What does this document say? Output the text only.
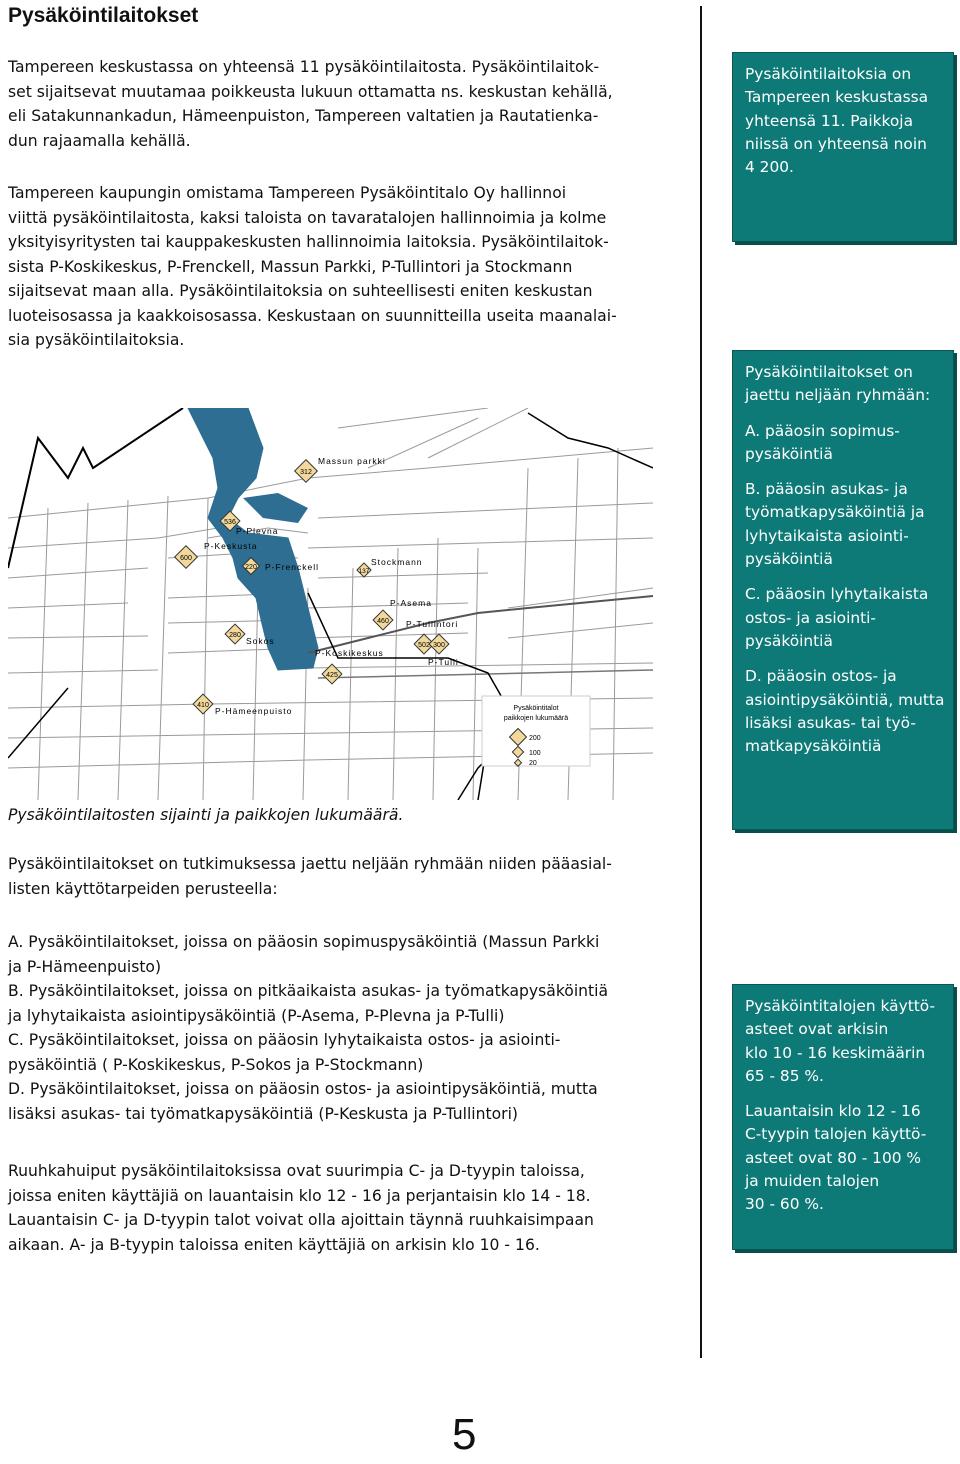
Pysäköintilaitokset
Tampereen keskustassa on yhteensä 11 pysäköintilaitosta. Pysäköintilaitok-
set sijaitsevat muutamaa poikkeusta lukuun ottamatta ns. keskustan kehällä,
eli Satakunnankadun, Hämeenpuiston, Tampereen valtatien ja Rautatienka-
dun rajaamalla kehällä.
Tampereen kaupungin omistama Tampereen Pysäköintitalo Oy hallinnoi
viittä pysäköintilaitosta, kaksi taloista on tavaratalojen hallinnoimia ja kolme
yksityisyritysten tai kauppakeskusten hallinnoimia laitoksia. Pysäköintilaitok-
sista P-Koskikeskus, P-Frenckell, Massun Parkki, P-Tullintori ja Stockmann
sijaitsevat maan alla. Pysäköintilaitoksia on suhteellisesti eniten keskustan
luoteisosassa ja kaakkoisosassa. Keskustaan on suunnitteilla useita maanalai-
sia pysäköintilaitoksia.
312
Massun parkki
536
P-Plevna
600
P-Keskusta
220 P-Frenckell	137
Stockmann
460
P-Asema
502
P-Tullintori
300
P-Tulli
280
Sokos
425
P-Koskikeskus
410
P-Hämeenpuisto	Pysäköintitalot
paikkojen lukumäärä
200
100
20

Pysäköintilaitosten sijainti ja paikkojen lukumäärä.

Pysäköintilaitokset on tutkimuksessa jaettu neljään ryhmään niiden pääasial-
listen käyttötarpeiden perusteella:
A. Pysäköintilaitokset, joissa on pääosin sopimuspysäköintiä (Massun Parkki
ja P-Hämeenpuisto)
B. Pysäköintilaitokset, joissa on pitkäaikaista asukas- ja työmatkapysäköintiä
ja lyhytaikaista asiointipysäköintiä (P-Asema, P-Plevna ja P-Tulli)
C. Pysäköintilaitokset, joissa on pääosin lyhytaikaista ostos- ja asiointi-
pysäköintiä ( P-Koskikeskus, P-Sokos ja P-Stockmann)
D. Pysäköintilaitokset, joissa on pääosin ostos- ja asiointipysäköintiä, mutta
lisäksi asukas- tai työmatkapysäköintiä (P-Keskusta ja P-Tullintori)
Ruuhkahuiput pysäköintilaitoksissa ovat suurimpia C- ja D-tyypin taloissa,
joissa eniten käyttäjiä on lauantaisin klo 12 - 16 ja perjantaisin klo 14 - 18.
Lauantaisin C- ja D-tyypin talot voivat olla ajoittain täynnä ruuhkaisimpaan
aikaan. A- ja B-tyypin taloissa eniten käyttäjiä on arkisin klo 10 - 16.
Pysäköintilaitoksia on
Tampereen keskustassa
yhteensä 11. Paikkoja
niissä on yhteensä noin
4 200.
Pysäköintilaitokset on
jaettu neljään ryhmään:
A. pääosin sopimus-
pysäköintiä
B. pääosin asukas- ja
työmatkapysäköintiä ja
lyhytaikaista asiointi-
pysäköintiä
C. pääosin lyhytaikaista
ostos- ja asiointi-
pysäköintiä
D. pääosin ostos- ja
asiointipysäköintiä, mutta
lisäksi asukas- tai työ-
matkapysäköintiä
Pysäköintitalojen käyttö-
asteet ovat arkisin
klo 10 - 16 keskimäärin
65 - 85 %.
Lauantaisin klo 12 - 16
C-tyypin talojen käyttö-
asteet ovat 80 - 100 %
ja muiden talojen
30 - 60 %.
5
